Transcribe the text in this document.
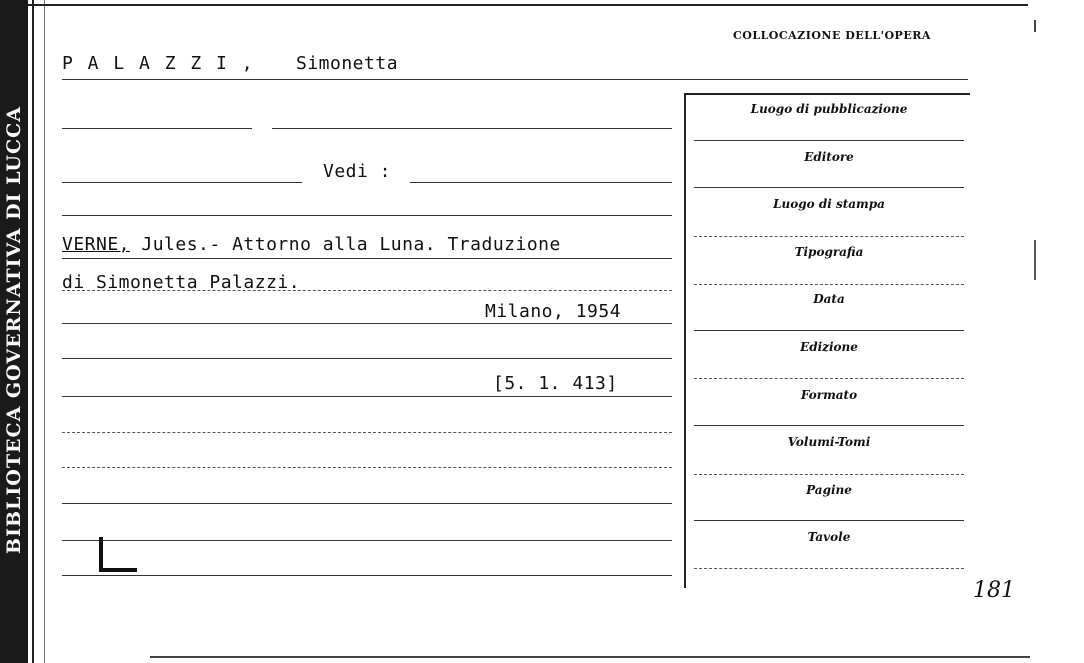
BIBLIOTECA GOVERNATIVA DI LUCCA
COLLOCAZIONE DELL'OPERA
P A L A Z Z I , Simonetta
Vedi :
VERNE, Jules.- Attorno alla Luna. Traduzione
di Simonetta Palazzi.
Milano, 1954
[5. 1. 413]
Luogo di pubblicazione
Editore
Luogo di stampa
Tipografia
Data
Edizione
Formato
Volumi-Tomi
Pagine
Tavole
181
